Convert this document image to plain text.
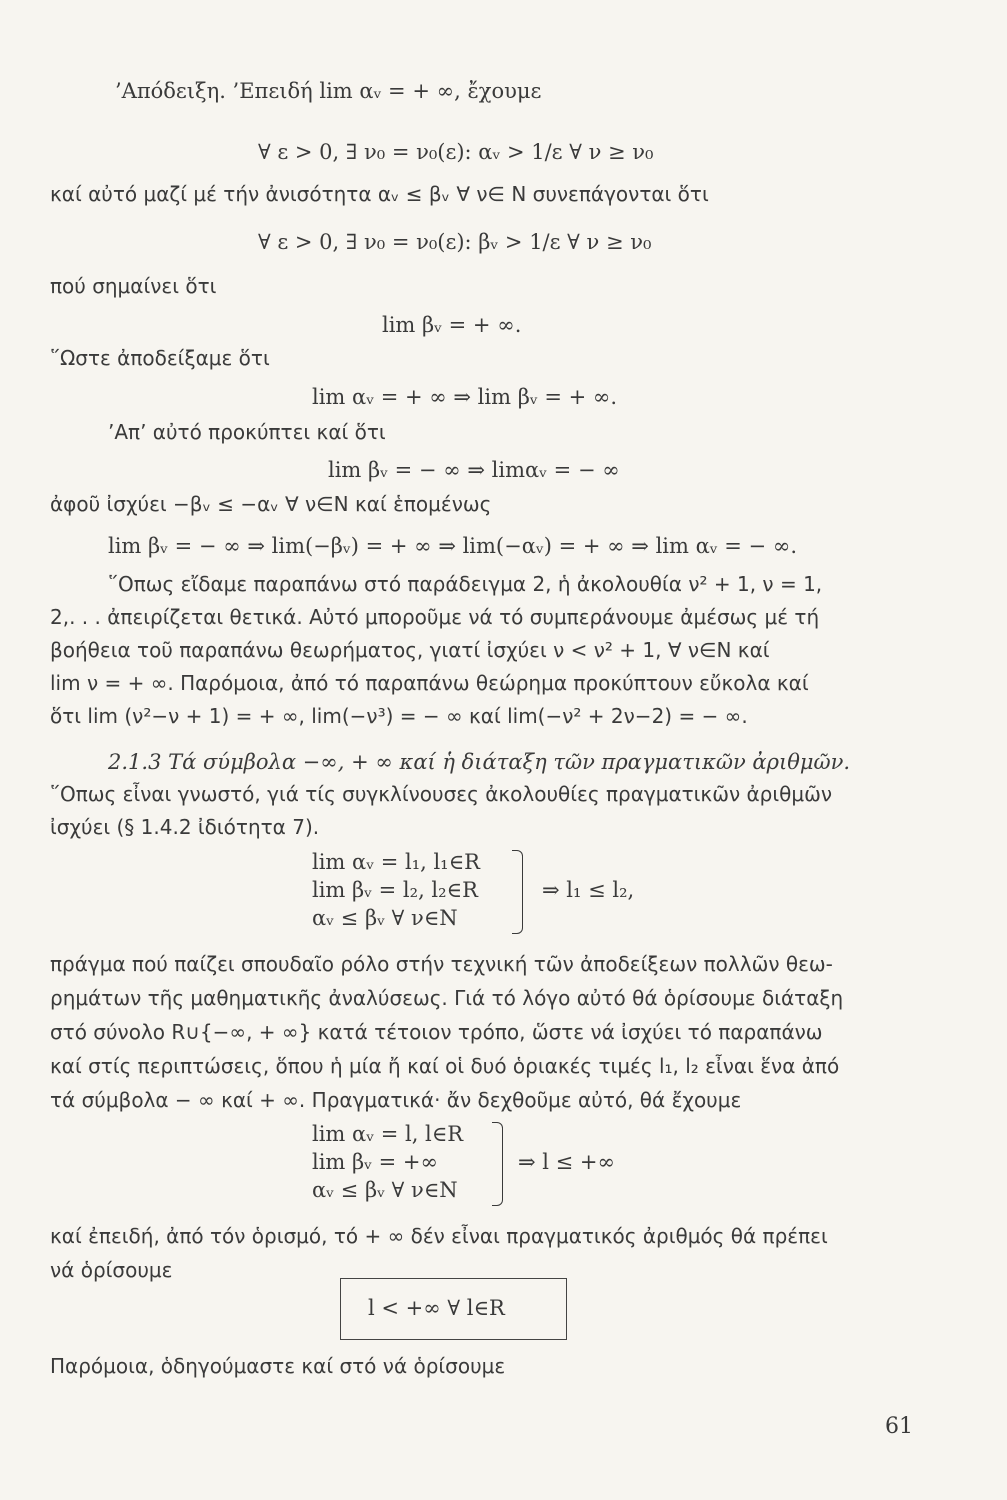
’Απόδειξη. ’Επειδή lim αᵥ = + ∞, ἔχουμε
∀ ε > 0, ∃ ν₀ = ν₀(ε): αᵥ > 1/ε ∀ ν ≥ ν₀
καί αὐτό μαζί μέ τήν ἀνισότητα αᵥ ≤ βᵥ ∀ ν∈ N συνεπάγονται ὅτι
∀ ε > 0, ∃ ν₀ = ν₀(ε): βᵥ > 1/ε ∀ ν ≥ ν₀
πού σημαίνει ὅτι
lim βᵥ = + ∞.
῞Ωστε ἀποδείξαμε ὅτι
lim αᵥ = + ∞ ⇒ lim βᵥ = + ∞.
’Απ’ αὐτό προκύπτει καί ὅτι
lim βᵥ = − ∞ ⇒ limαᵥ = − ∞
ἀφοῦ ἰσχύει −βᵥ ≤ −αᵥ ∀ ν∈N καί ἑπομένως
lim βᵥ = − ∞ ⇒ lim(−βᵥ) = + ∞ ⇒ lim(−αᵥ) = + ∞ ⇒ lim αᵥ = − ∞.
῞Οπως εἴδαμε παραπάνω στό παράδειγμα 2, ἡ ἀκολουθία ν² + 1, ν = 1,
2,. . . ἀπειρίζεται θετικά. Αὐτό μποροῦμε νά τό συμπεράνουμε ἀμέσως μέ τή
βοήθεια τοῦ παραπάνω θεωρήματος, γιατί ἰσχύει ν < ν² + 1, ∀ ν∈N καί
lim ν = + ∞. Παρόμοια, ἀπό τό παραπάνω θεώρημα προκύπτουν εὔκολα καί
ὅτι lim (ν²−ν + 1) = + ∞, lim(−ν³) = − ∞ καί lim(−ν² + 2ν−2) = − ∞.
2.1.3 Τά σύμβολα −∞, + ∞ καί ἡ διάταξη τῶν πραγματικῶν ἀριθμῶν.
῞Οπως εἶναι γνωστό, γιά τίς συγκλίνουσες ἀκολουθίες πραγματικῶν ἀριθμῶν
ἰσχύει (§ 1.4.2 ἰδιότητα 7).
lim αᵥ = l₁, l₁∈R
lim βᵥ = l₂, l₂∈R
αᵥ ≤ βᵥ ∀ ν∈N
⇒ l₁ ≤ l₂,
πράγμα πού παίζει σπουδαῖο ρόλο στήν τεχνική τῶν ἀποδείξεων πολλῶν θεω-
ρημάτων τῆς μαθηματικῆς ἀναλύσεως. Γιά τό λόγο αὐτό θά ὁρίσουμε διάταξη
στό σύνολο R∪{−∞, + ∞} κατά τέτοιον τρόπο, ὥστε νά ἰσχύει τό παραπάνω
καί στίς περιπτώσεις, ὅπου ἡ μία ἤ καί οἱ δυό ὁριακές τιμές l₁, l₂ εἶναι ἕνα ἀπό
τά σύμβολα − ∞ καί + ∞. Πραγματικά· ἄν δεχθοῦμε αὐτό, θά ἔχουμε
lim αᵥ = l, l∈R
lim βᵥ = +∞
αᵥ ≤ βᵥ ∀ ν∈N
⇒ l ≤ +∞
καί ἐπειδή, ἀπό τόν ὁρισμό, τό + ∞ δέν εἶναι πραγματικός ἀριθμός θά πρέπει
νά ὁρίσουμε
l < +∞ ∀ l∈R
Παρόμοια, ὁδηγούμαστε καί στό νά ὁρίσουμε
61
